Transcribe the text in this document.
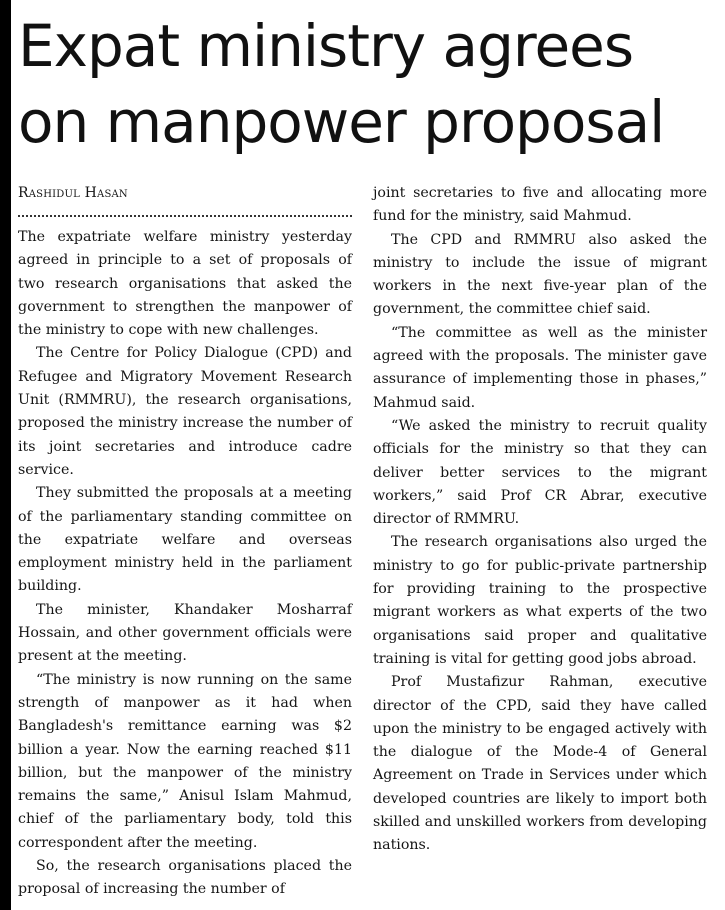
Expat ministry agrees
on manpower proposal
Rashidul Hasan

The expatriate welfare ministry yesterday agreed in principle to a set of proposals of two research organisations that asked the government to strengthen the manpower of the ministry to cope with new challenges.

The Centre for Policy Dialogue (CPD) and Refugee and Migratory Movement Research Unit (RMMRU), the research organisations, proposed the ministry increase the number of its joint secretaries and introduce cadre service.

They submitted the proposals at a meeting of the parliamentary standing committee on the expatriate welfare and overseas employment ministry held in the parliament building.

The minister, Khandaker Mosharraf Hossain, and other government officials were present at the meeting.

“The ministry is now running on the same strength of manpower as it had when Bangladesh's remittance earning was $2 billion a year. Now the earning reached $11 billion, but the manpower of the ministry remains the same,” Anisul Islam Mahmud, chief of the parliamentary body, told this correspondent after the meeting.

So, the research organisations placed the proposal of increasing the number of

joint secretaries to five and allocating more fund for the ministry, said Mahmud.

The CPD and RMMRU also asked the ministry to include the issue of migrant workers in the next five-year plan of the government, the committee chief said.

“The committee as well as the minister agreed with the proposals. The minister gave assurance of implementing those in phases,” Mahmud said.

“We asked the ministry to recruit quality officials for the ministry so that they can deliver better services to the migrant workers,” said Prof CR Abrar, executive director of RMMRU.

The research organisations also urged the ministry to go for public-private partnership for providing training to the prospective migrant workers as what experts of the two organisations said proper and qualitative training is vital for getting good jobs abroad.

Prof Mustafizur Rahman, executive director of the CPD, said they have called upon the ministry to be engaged actively with the dialogue of the Mode-4 of General Agreement on Trade in Services under which developed countries are likely to import both skilled and unskilled workers from developing nations.
